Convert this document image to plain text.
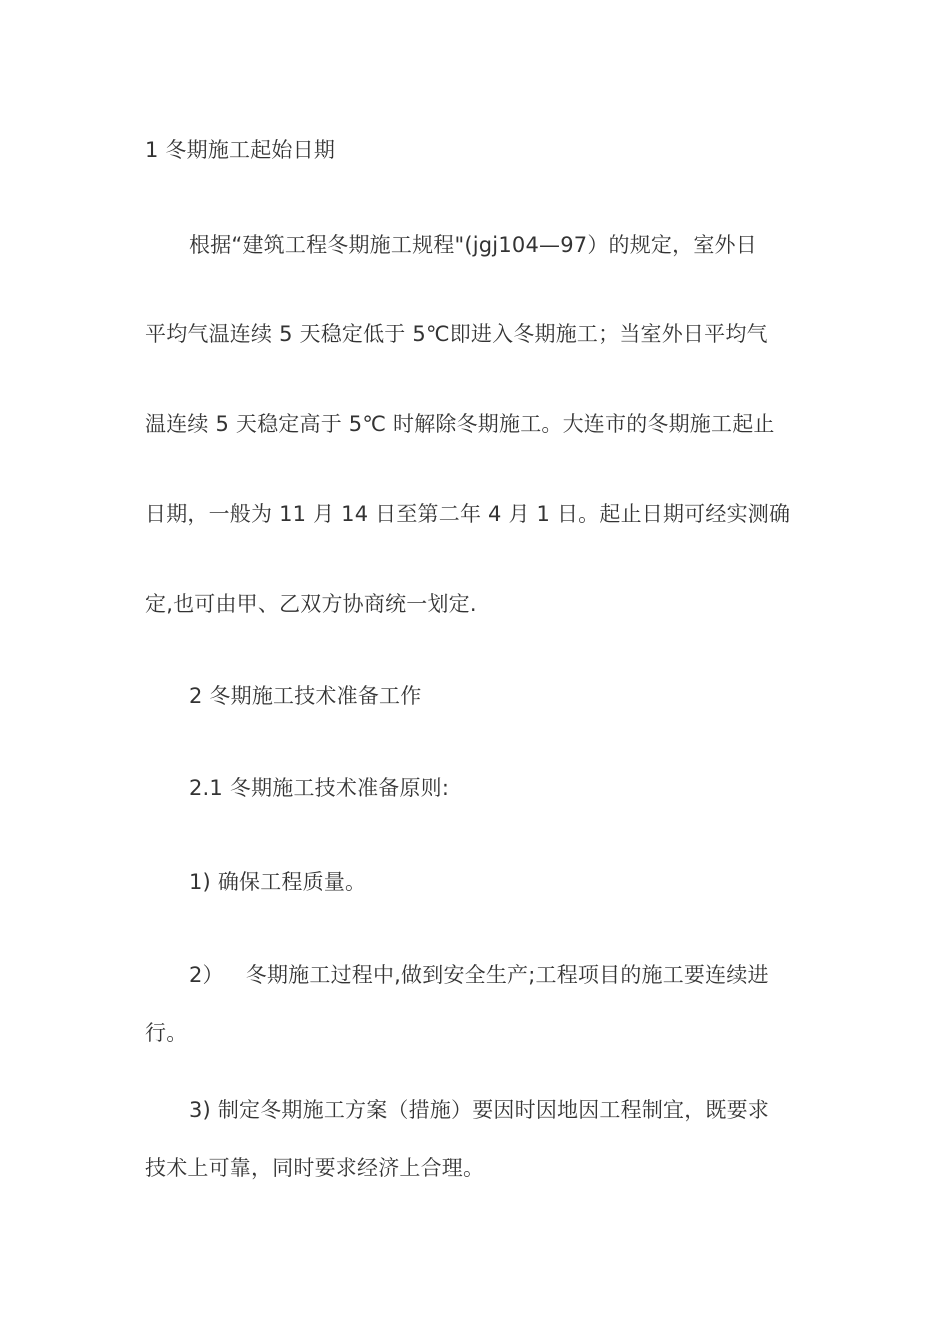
1 冬期施工起始日期
根据“建筑工程冬期施工规程"(jgj104—97）的规定，室外日
平均气温连续 5 天稳定低于 5℃即进入冬期施工；当室外日平均气
温连续 5 天稳定高于 5℃ 时解除冬期施工。大连市的冬期施工起止
日期，一般为 11 月 14 日至第二年 4 月 1 日。起止日期可经实测确
定,也可由甲、乙双方协商统一划定.
2 冬期施工技术准备工作
2.1 冬期施工技术准备原则:
1) 确保工程质量。
2） 冬期施工过程中,做到安全生产;工程项目的施工要连续进
行。
3) 制定冬期施工方案（措施）要因时因地因工程制宜，既要求
技术上可靠，同时要求经济上合理。
